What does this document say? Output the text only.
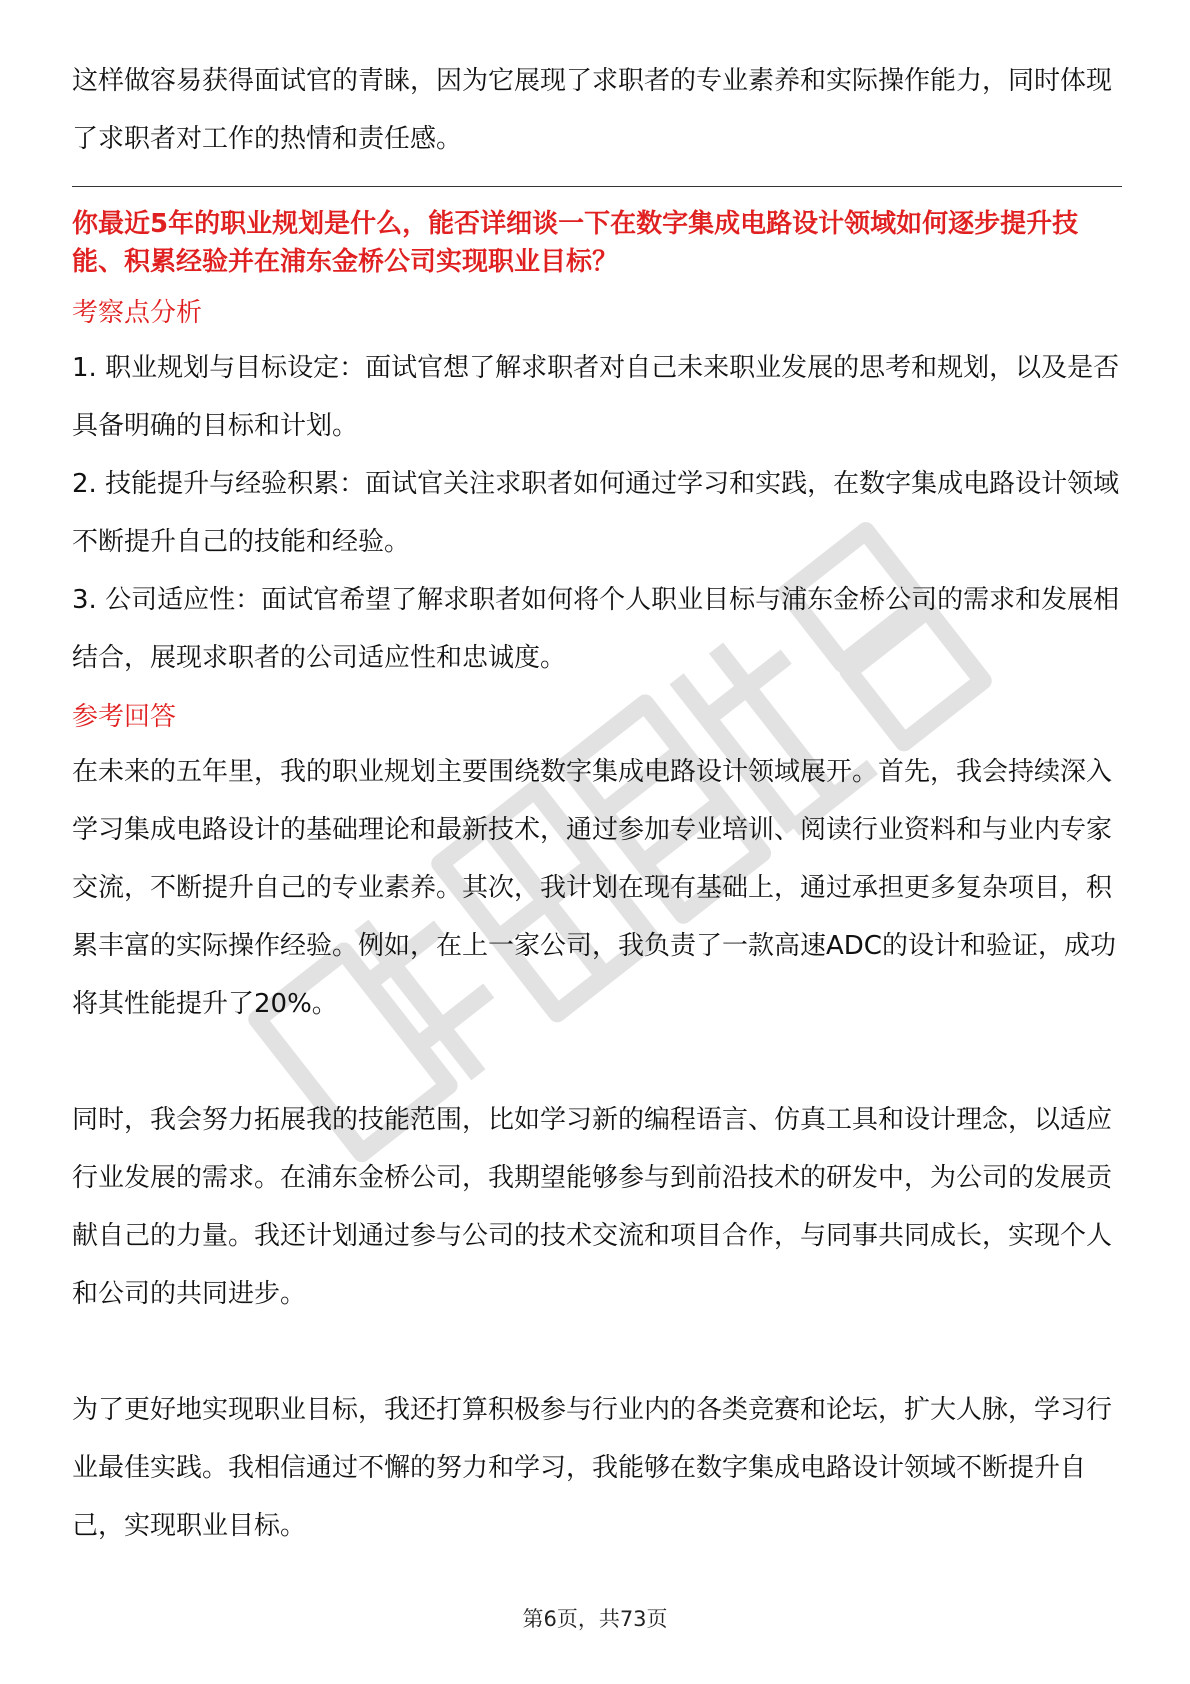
这样做容易获得面试官的青睐，因为它展现了求职者的专业素养和实际操作能力，同时体现了求职者对工作的热情和责任感。

你最近5年的职业规划是什么，能否详细谈一下在数字集成电路设计领域如何逐步提升技能、积累经验并在浦东金桥公司实现职业目标？

考察点分析

1. 职业规划与目标设定：面试官想了解求职者对自己未来职业发展的思考和规划，以及是否具备明确的目标和计划。

2. 技能提升与经验积累：面试官关注求职者如何通过学习和实践，在数字集成电路设计领域不断提升自己的技能和经验。

3. 公司适应性：面试官希望了解求职者如何将个人职业目标与浦东金桥公司的需求和发展相结合，展现求职者的公司适应性和忠诚度。

参考回答

在未来的五年里，我的职业规划主要围绕数字集成电路设计领域展开。首先，我会持续深入学习集成电路设计的基础理论和最新技术，通过参加专业培训、阅读行业资料和与业内专家交流，不断提升自己的专业素养。其次，我计划在现有基础上，通过承担更多复杂项目，积累丰富的实际操作经验。例如，在上一家公司，我负责了一款高速ADC的设计和验证，成功将其性能提升了20%。

同时，我会努力拓展我的技能范围，比如学习新的编程语言、仿真工具和设计理念，以适应行业发展的需求。在浦东金桥公司，我期望能够参与到前沿技术的研发中，为公司的发展贡献自己的力量。我还计划通过参与公司的技术交流和项目合作，与同事共同成长，实现个人和公司的共同进步。

为了更好地实现职业目标，我还打算积极参与行业内的各类竞赛和论坛，扩大人脉，学习行业最佳实践。我相信通过不懈的努力和学习，我能够在数字集成电路设计领域不断提升自己，实现职业目标。

第6页，共73页
